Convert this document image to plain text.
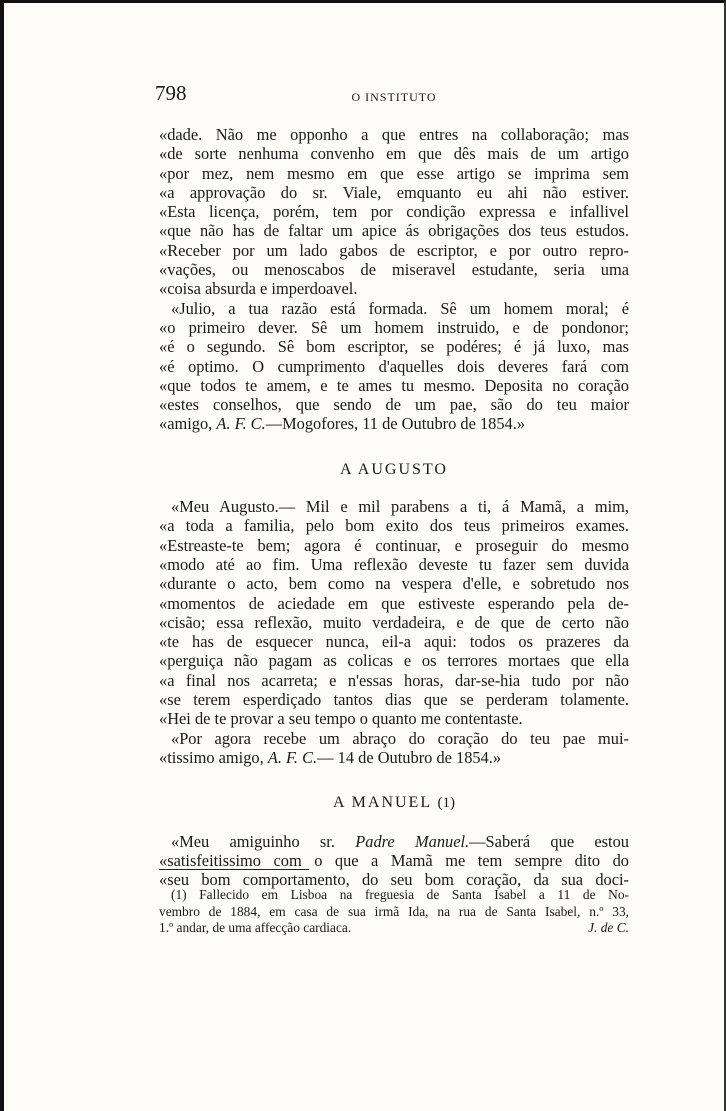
798	O INSTITUTO

«dade. Não me opponho a que entres na collaboração; mas
«de sorte nenhuma convenho em que dês mais de um artigo
«por mez, nem mesmo em que esse artigo se imprima sem
«a approvação do sr. Viale, emquanto eu ahi não estiver.
«Esta licença, porém, tem por condição expressa e infallivel
«que não has de faltar um apice ás obrigações dos teus estudos.
«Receber por um lado gabos de escriptor, e por outro repro-
«vações, ou menoscabos de miseravel estudante, seria uma
«coisa absurda e imperdoavel.

«Julio, a tua razão está formada. Sê um homem moral; é
«o primeiro dever. Sê um homem instruido, e de pondonor;
«é o segundo. Sê bom escriptor, se podéres; é já luxo, mas
«é optimo. O cumprimento d'aquelles dois deveres fará com
«que todos te amem, e te ames tu mesmo. Deposita no coração
«estes conselhos, que sendo de um pae, são do teu maior
«amigo, A. F. C.—Mogofores, 11 de Outubro de 1854.»

A AUGUSTO

«Meu Augusto.— Mil e mil parabens a ti, á Mamã, a mim,
«a toda a familia, pelo bom exito dos teus primeiros exames.
«Estreaste-te bem; agora é continuar, e proseguir do mesmo
«modo até ao fim. Uma reflexão deveste tu fazer sem duvida
«durante o acto, bem como na vespera d'elle, e sobretudo nos
«momentos de aciedade em que estiveste esperando pela de-
«cisão; essa reflexão, muito verdadeira, e de que de certo não
«te has de esquecer nunca, eil-a aqui: todos os prazeres da
«perguiça não pagam as colicas e os terrores mortaes que ella
«a final nos acarreta; e n'essas horas, dar-se-hia tudo por não
«se terem esperdiçado tantos dias que se perderam tolamente.
«Hei de te provar a seu tempo o quanto me contentaste.

«Por agora recebe um abraço do coração do teu pae mui-
«tissimo amigo, A. F. C.— 14 de Outubro de 1854.»

A MANUEL (1)

«Meu amiguinho sr. Padre Manuel.—Saberá que estou
«satisfeitissimo com o que a Mamã me tem sempre dito do
«seu bom comportamento, do seu bom coração, da sua doci-

(1) Fallecido em Lisboa na freguesia de Santa Isabel a 11 de No-
vembro de 1884, em casa de sua irmã Ida, na rua de Santa Isabel, n.º 33,
1.º andar, de uma affecção cardiaca.	J. de C.
